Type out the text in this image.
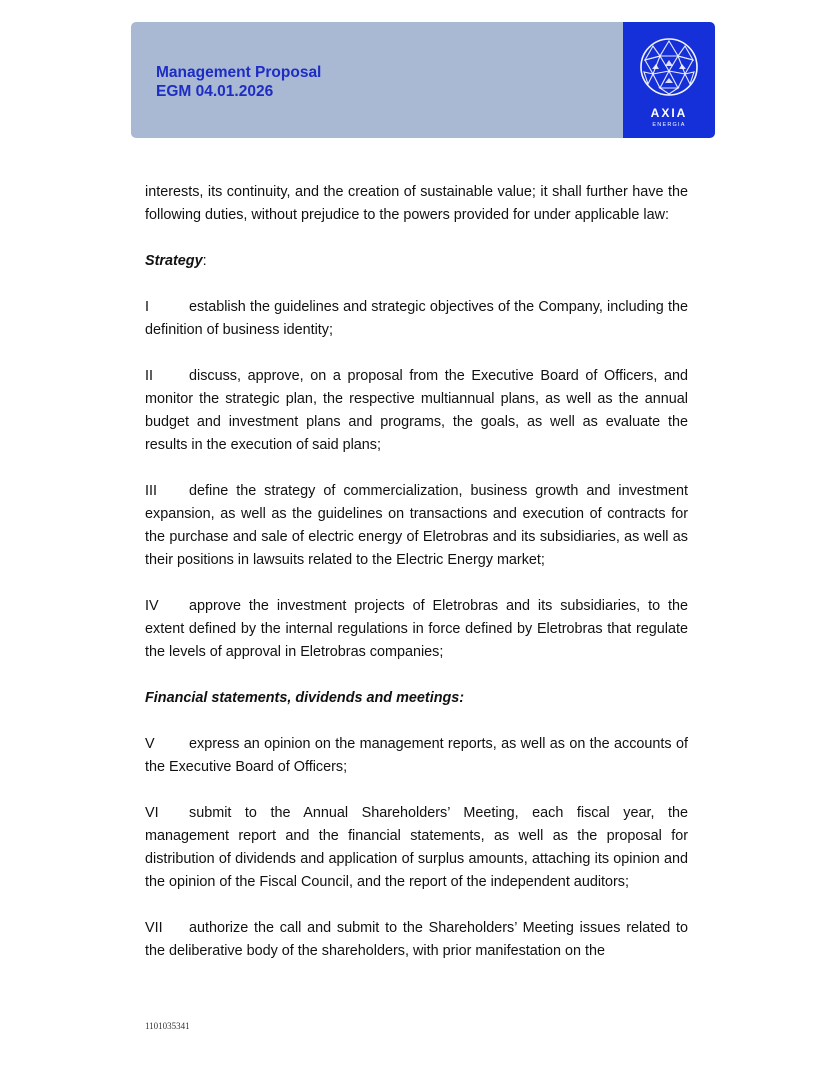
Management Proposal
EGM 04.01.2026
AXIA
ENERGIA

interests, its continuity, and the creation of sustainable value; it shall further have the following duties, without prejudice to the powers provided for under applicable law:

Strategy:

I	establish the guidelines and strategic objectives of the Company, including the definition of business identity;

II	discuss, approve, on a proposal from the Executive Board of Officers, and monitor the strategic plan, the respective multiannual plans, as well as the annual budget and investment plans and programs, the goals, as well as evaluate the results in the execution of said plans;

III define the strategy of commercialization, business growth and investment expansion, as well as the guidelines on transactions and execution of contracts for the purchase and sale of electric energy of Eletrobras and its subsidiaries, as well as their positions in lawsuits related to the Electric Energy market;

IV approve the investment projects of Eletrobras and its subsidiaries, to the extent defined by the internal regulations in force defined by Eletrobras that regulate the levels of approval in Eletrobras companies;

Financial statements, dividends and meetings:

V express an opinion on the management reports, as well as on the accounts of the Executive Board of Officers;

VI submit to the Annual Shareholders’ Meeting, each fiscal year, the management report and the financial statements, as well as the proposal for distribution of dividends and application of surplus amounts, attaching its opinion and the opinion of the Fiscal Council, and the report of the independent auditors;

VII authorize the call and submit to the Shareholders’ Meeting issues related to the deliberative body of the shareholders, with prior manifestation on the

1101035341
